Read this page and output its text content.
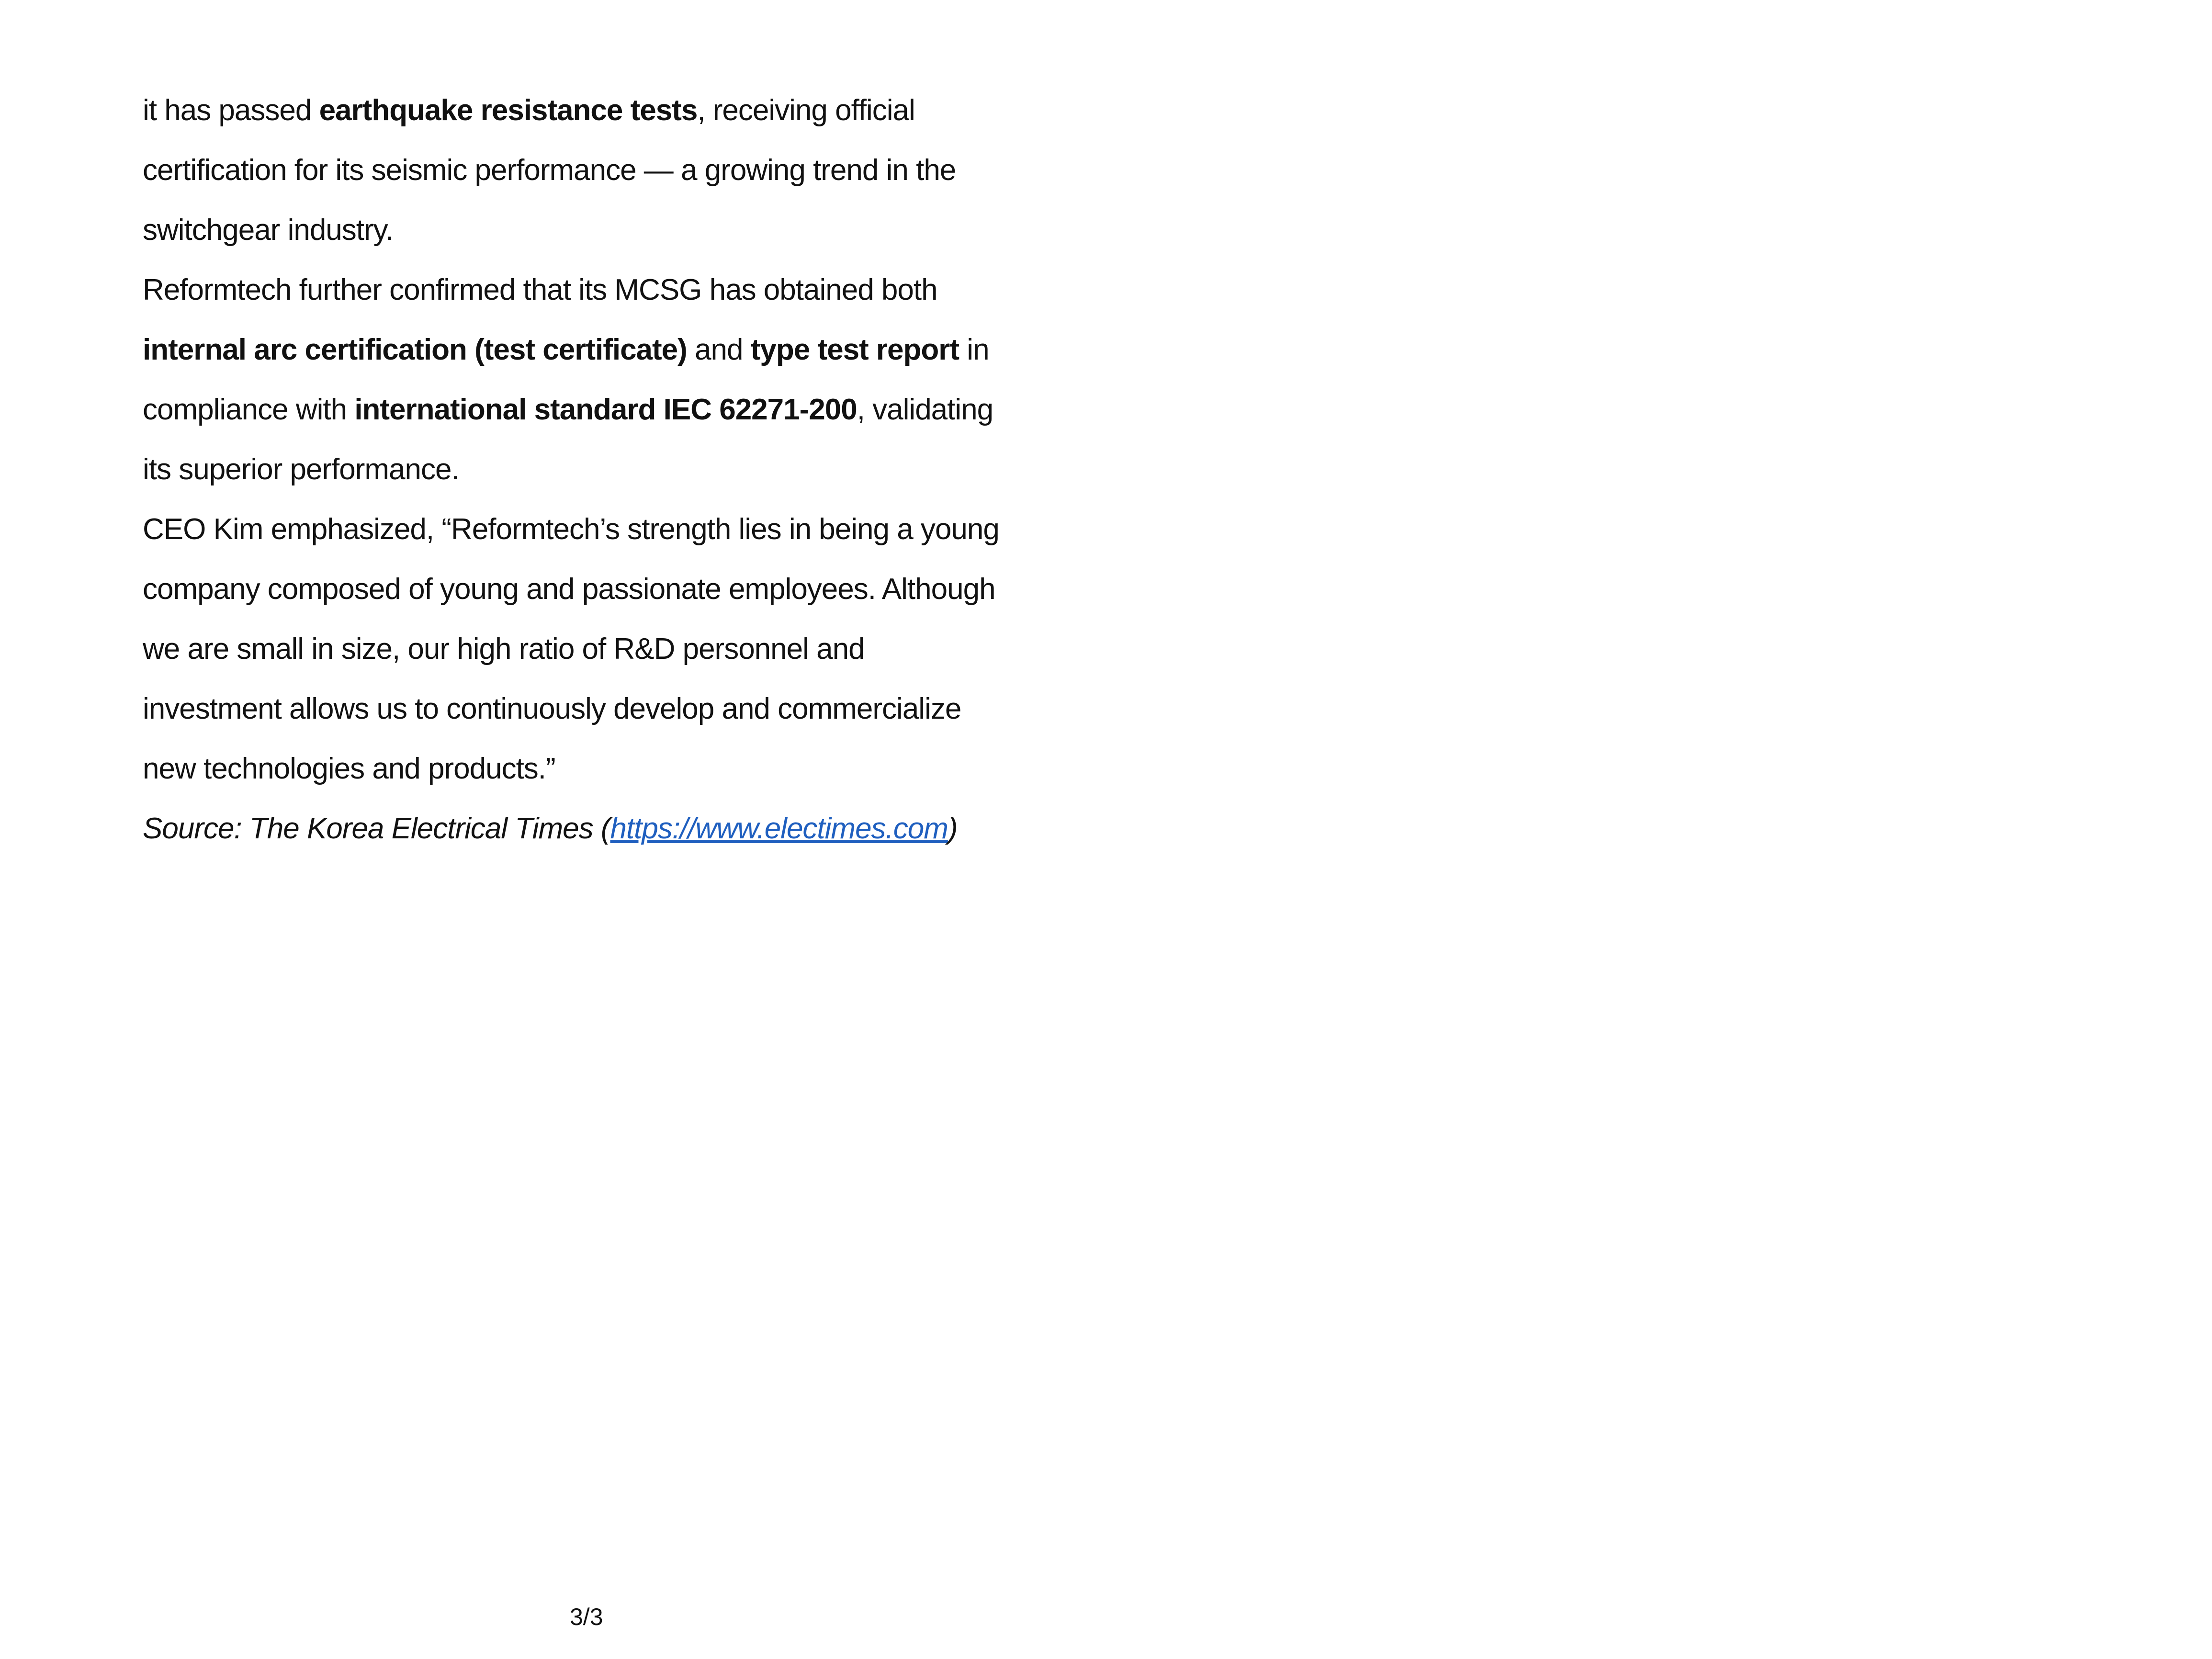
it has passed earthquake resistance tests, receiving official
certification for its seismic performance — a growing trend in the
switchgear industry.
Reformtech further confirmed that its MCSG has obtained both
internal arc certification (test certificate) and type test report in
compliance with international standard IEC 62271-200, validating
its superior performance.
CEO Kim emphasized, “Reformtech’s strength lies in being a young
company composed of young and passionate employees. Although
we are small in size, our high ratio of R&D personnel and
investment allows us to continuously develop and commercialize
new technologies and products.”
Source: The Korea Electrical Times (https://www.electimes.com)
3/3
